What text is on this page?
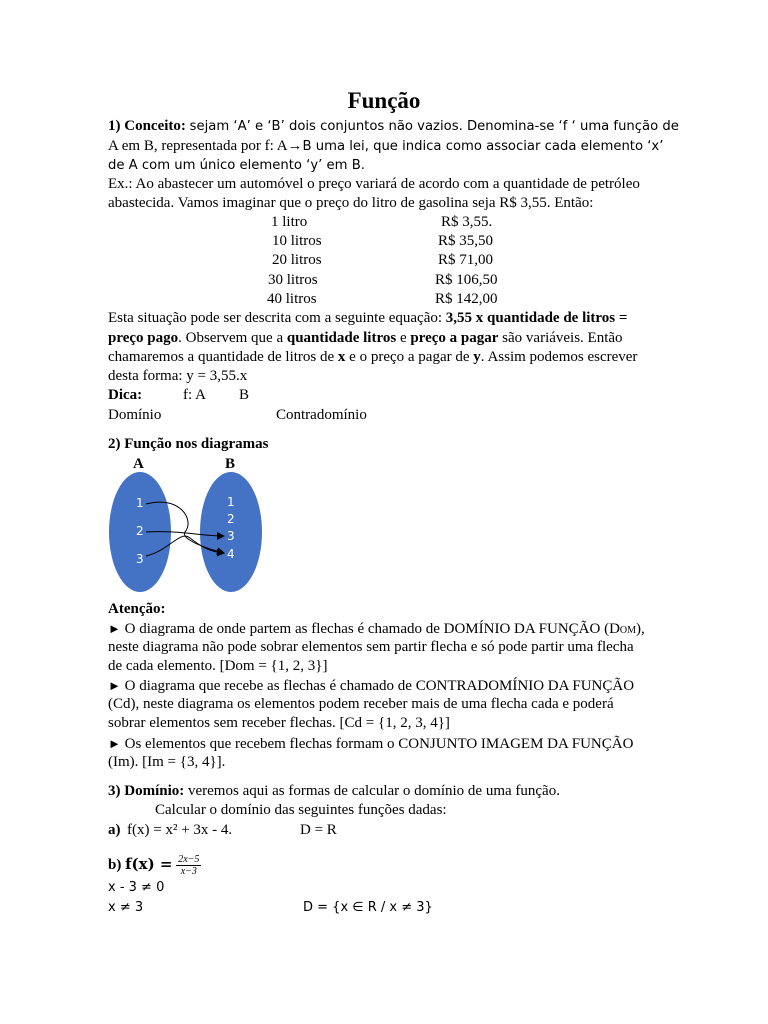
Função
1) Conceito: sejam ‘A’ e ‘B’ dois conjuntos não vazios. Denomina-se ‘f ‘ uma função de
A em B, representada por f: A→B uma lei, que indica como associar cada elemento ‘x’
de A com um único elemento ‘y’ em B.
Ex.: Ao abastecer um automóvel o preço variará de acordo com a quantidade de petróleo
abastecida. Vamos imaginar que o preço do litro de gasolina seja R$ 3,55. Então:
1 litro	R$ 3,55.
10 litros	R$ 35,50
20 litros	R$ 71,00
30 litros	R$ 106,50
40 litros	R$ 142,00
Esta situação pode ser descrita com a seguinte equação: 3,55 x quantidade de litros =
preço pago. Observem que a quantidade litros e preço a pagar são variáveis. Então
chamaremos a quantidade de litros de x e o preço a pagar de y. Assim podemos escrever
desta forma: y = 3,55.x
Dica:	f: A B
Domínio	Contradomínio
2) Função nos diagramas
A	B
1
2
3
1
2
3
4
Atenção:
► O diagrama de onde partem as flechas é chamado de DOMÍNIO DA FUNÇÃO (DOM),
neste diagrama não pode sobrar elementos sem partir flecha e só pode partir uma flecha
de cada elemento. [Dom = {1, 2, 3}]
► O diagrama que recebe as flechas é chamado de CONTRADOMÍNIO DA FUNÇÃO
(Cd), neste diagrama os elementos podem receber mais de uma flecha cada e poderá
sobrar elementos sem receber flechas. [Cd = {1, 2, 3, 4}]
► Os elementos que recebem flechas formam o CONJUNTO IMAGEM DA FUNÇÃO
(Im). [Im = {3, 4}].
3) Domínio: veremos aqui as formas de calcular o domínio de uma função.
Calcular o domínio das seguintes funções dadas:
a) f(x) = x² + 3x - 4.	D = R
b) $f(x) = \frac{2x-5}{x-3}$
x - 3 ≠ 0
x ≠ 3	D = {x ∈ R / x ≠ 3}
